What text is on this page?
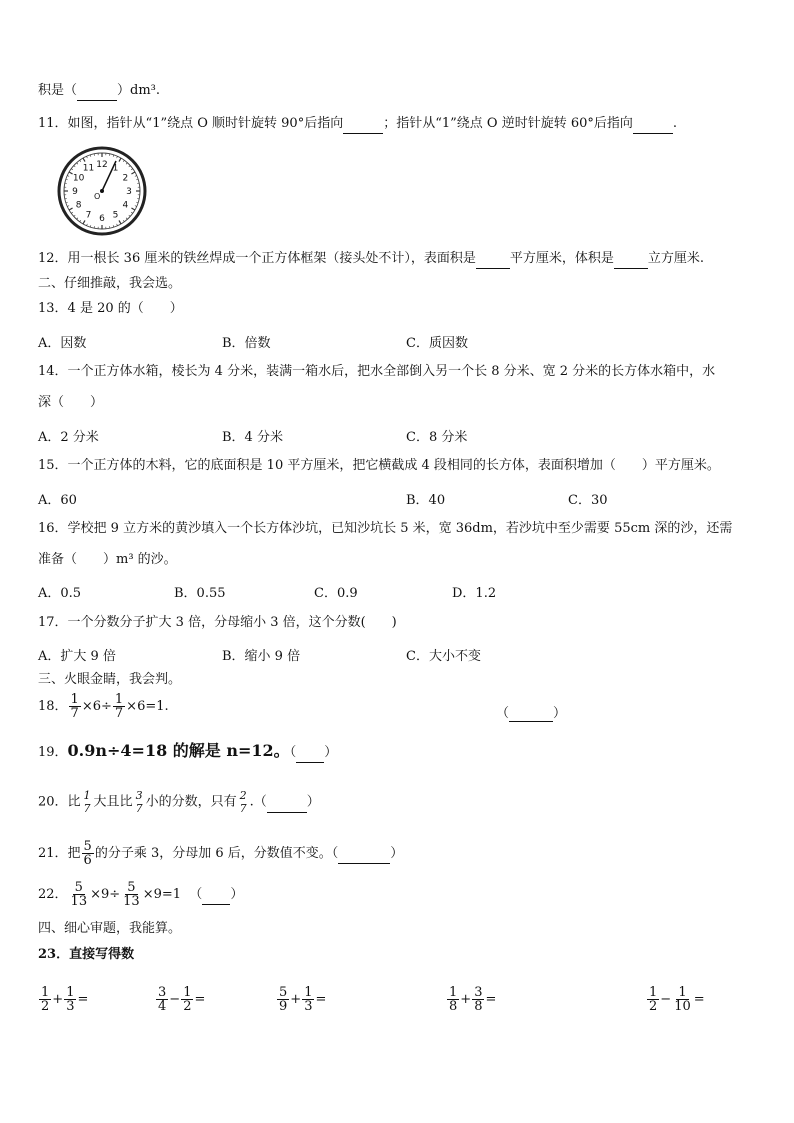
积是（	）dm³.
11．如图，指针从“1”绕点 O 顺时针旋转 90°后指向	；指针从“1”绕点 O 逆时针旋转 60°后指向	.
12 1
2
3
4
5
6
7
8
9
10
11
O
12．用一根长 36 厘米的铁丝焊成一个正方体框架（接头处不计），表面积是	平方厘米，体积是	立方厘米.
二、仔细推敲，我会选。
13．4 是 20 的（　　）
A．因数	B．倍数	C．质因数
14．一个正方体水箱，棱长为 4 分米，装满一箱水后，把水全部倒入另一个长 8 分米、宽 2 分米的长方体水箱中，水
深（　　）
A．2 分米	B．4 分米	C．8 分米
15．一个正方体的木料，它的底面积是 10 平方厘米，把它横截成 4 段相同的长方体，表面积增加（　　）平方厘米。
A．60	B．40	C．30
16．学校把 9 立方米的黄沙填入一个长方体沙坑，已知沙坑长 5 米，宽 36dm，若沙坑中至少需要 55cm 深的沙，还需
准备（　　）m³ 的沙。
A．0.5	B．0.55	C．0.9	D．1.2
17．一个分数分子扩大 3 倍，分母缩小 3 倍，这个分数(　　)
A．扩大 9 倍	B．缩小 9 倍	C．大小不变
三、火眼金睛，我会判。
18． $\frac{1}{7} \times 6\div \frac{1}{7} \times 6=1$.	（	）
19．0.9n÷4=18 的解是 n=12。（ ）
20．比 1
7 大且比 3
7 小的分数，只有 2
7 .（	）
21．把 $\frac{5}{6}$ 的分子乘 3，分母加 6 后，分数值不变。（	）
22． $\frac{5}{13} \times 9\div \frac{5}{13} \times 9=1$ （ ）
四、细心审题，我能算。
23．直接写得数
$\frac{1}{2} + \frac{1}{3}$ =	$\frac{3}{4} - \frac{1}{2}$ =	$\frac{5}{9} + \frac{1}{3}$ =	$\frac{1}{8} + \frac{3}{8}$ =	$\frac{1}{2} - \frac{1}{10}$ =
